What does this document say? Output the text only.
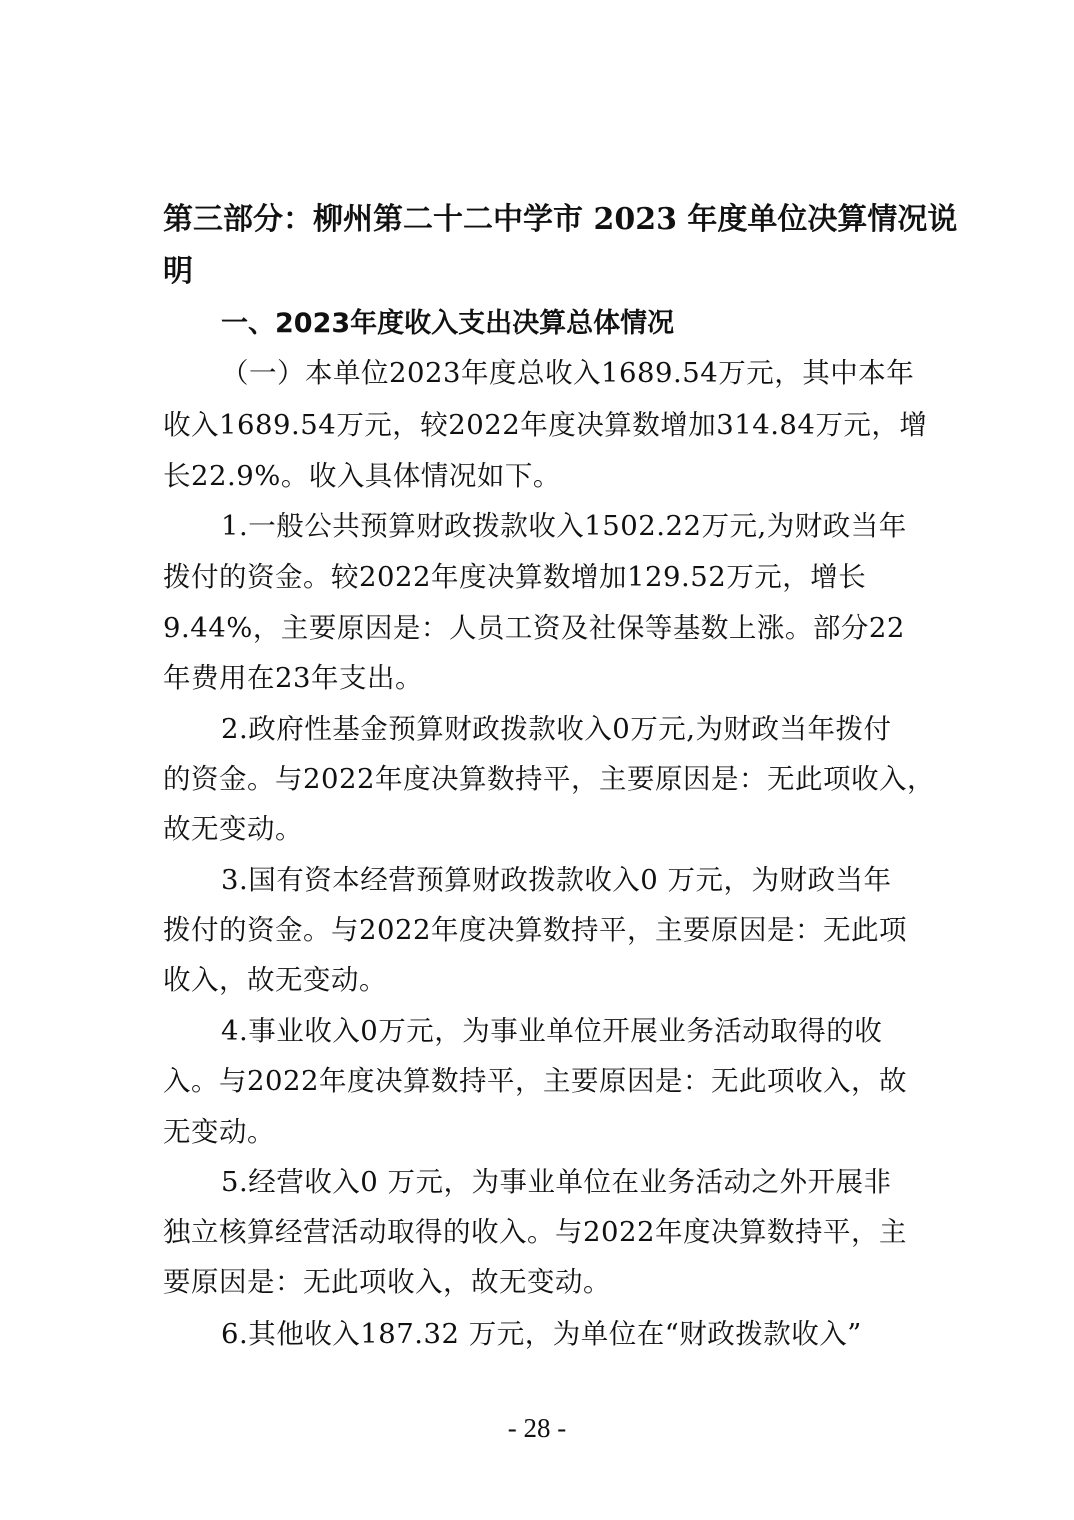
第三部分：柳州第二十二中学市 2023 年度单位决算情况说
明
一、2023年度收入支出决算总体情况
（一）本单位2023年度总收入1689.54万元，其中本年
收入1689.54万元，较2022年度决算数增加314.84万元，增
长22.9%。收入具体情况如下。
1.一般公共预算财政拨款收入1502.22万元,为财政当年
拨付的资金。较2022年度决算数增加129.52万元，增长
9.44%，主要原因是：人员工资及社保等基数上涨。部分22
年费用在23年支出。
2.政府性基金预算财政拨款收入0万元,为财政当年拨付
的资金。与2022年度决算数持平，主要原因是：无此项收入，
故无变动。
3.国有资本经营预算财政拨款收入0 万元，为财政当年
拨付的资金。与2022年度决算数持平，主要原因是：无此项
收入，故无变动。
4.事业收入0万元，为事业单位开展业务活动取得的收
入。与2022年度决算数持平，主要原因是：无此项收入，故
无变动。
5.经营收入0 万元，为事业单位在业务活动之外开展非
独立核算经营活动取得的收入。与2022年度决算数持平，主
要原因是：无此项收入，故无变动。
6.其他收入187.32 万元，为单位在“财政拨款收入”
- 28 -
